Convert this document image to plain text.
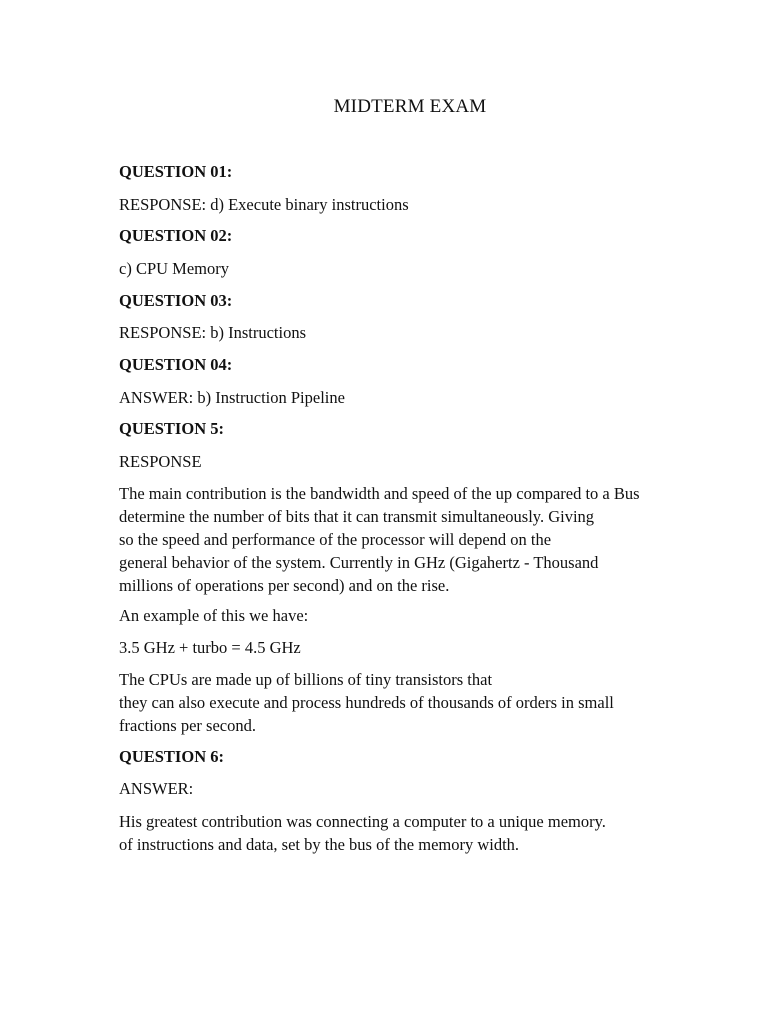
MIDTERM EXAM
QUESTION 01:
RESPONSE: d) Execute binary instructions
QUESTION 02:
c) CPU Memory
QUESTION 03:
RESPONSE: b) Instructions
QUESTION 04:
ANSWER: b) Instruction Pipeline
QUESTION 5:
RESPONSE
The main contribution is the bandwidth and speed of the up compared to a Bus
determine the number of bits that it can transmit simultaneously. Giving
so the speed and performance of the processor will depend on the
general behavior of the system. Currently in GHz (Gigahertz - Thousand
millions of operations per second) and on the rise.
An example of this we have:
3.5 GHz + turbo = 4.5 GHz
The CPUs are made up of billions of tiny transistors that
they can also execute and process hundreds of thousands of orders in small
fractions per second.
QUESTION 6:
ANSWER:
His greatest contribution was connecting a computer to a unique memory.
of instructions and data, set by the bus of the memory width.
